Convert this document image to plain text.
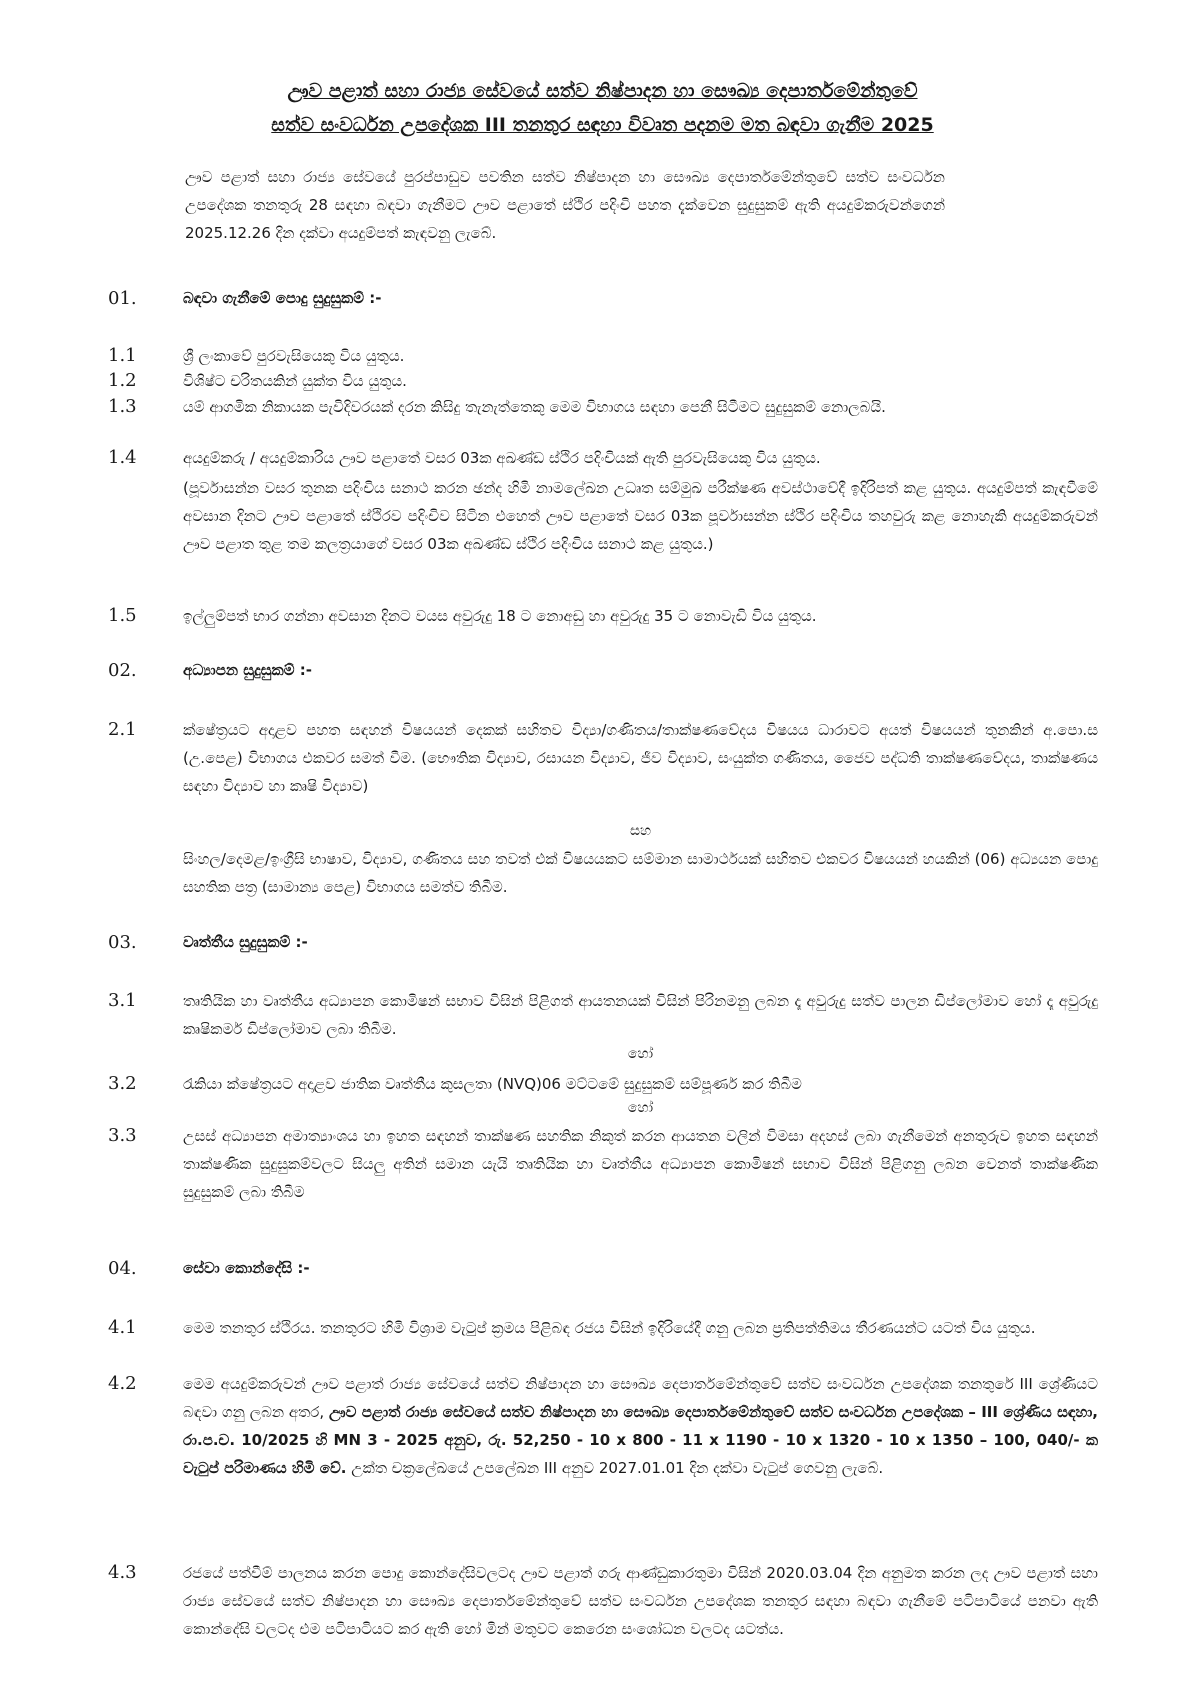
ඌව පළාත් සහා රාජ්‍ය සේවයේ සත්ව නිෂ්පාදන හා සෞඛ්‍ය දෙපාර්තමේන්තුවේ
සත්ව සංවර්ධන උපදේශක III තනතුර සඳහා විවෘත පදනම මත බඳවා ගැනීම 2025
ඌව පළාත් සහා රාජ්‍ය සේවයේ පුරප්පාඩුව පවතින සත්ව නිෂ්පාදන හා සෞඛ්‍ය දෙපාර්තමේන්තුවේ සත්ව සංවර්ධන උපදේශක තනතුරු 28 සඳහා බඳවා ගැනීමට ඌව පළාතේ ස්ථිර පදිංචි පහත දැක්වෙන සුදුසුකම් ඇති අයදුම්කරුවන්ගෙන් 2025.12.26 දින දක්වා අයදුම්පත් කැඳවනු ලැබේ.
01.	බඳවා ගැනීමේ පොදු සුදුසුකම් :-
1.1	ශ්‍රී ලංකාවේ පුරවැසියෙකු විය යුතුය.
1.2	විශිෂ්ට චරිතයකින් යුක්ත විය යුතුය.
1.3	යම් ආගමික නිකායක පැවිදිවරයක් දරන කිසිදු තැනැත්තෙකු මෙම විභාගය සඳහා පෙනී සිටීමට සුදුසුකම් නොලබයි.
1.4	අයදුම්කරු / අයදුම්කාරිය ඌව පළාතේ වසර 03ක අඛණ්ඩ ස්ථිර පදිංචියක් ඇති පුරවැසියෙකු විය යුතුය.
(පූර්වාසන්න වසර තුනක පදිංචිය සනාථ කරන ඡන්ද හිමි නාමලේඛන උධෘත සම්මුඛ පරීක්ෂණ අවස්ථාවේදී ඉදිරිපත් කළ යුතුය. අයදුම්පත් කැඳවීමේ අවසාන දිනට ඌව පළාතේ ස්ථිරව පදිංචිව සිටින එහෙත් ඌව පළාතේ වසර 03ක පූර්වාසන්න ස්ථිර පදිංචිය තහවුරු කළ නොහැකි අයදුම්කරුවන් ඌව පළාත තුළ තම කලත්‍රයාගේ වසර 03ක අඛණ්ඩ ස්ථිර පදිංචිය සනාථ කළ යුතුය.)
1.5	ඉල්ලුම්පත් භාර ගන්නා අවසාන දිනට වයස අවුරුදු 18 ට නොඅඩු හා අවුරුදු 35 ට නොවැඩි විය යුතුය.
02.	අධ්‍යාපන සුදුසුකම් :-
2.1	ක්ෂේත්‍රයට අදාළව පහත සඳහන් විෂයයන් දෙකක් සහිතව විද්‍යා/ගණිතය/තාක්ෂණවේදය විෂයය ධාරාවට අයත් විෂයයන් තුනකින් අ.පො.ස (උ.පෙළ) විභාගය එකවර සමත් වීම. (භෞතික විද්‍යාව, රසායන විද්‍යාව, ජීව විද්‍යාව, සංයුක්ත ගණිතය, ජෛව පද්ධති තාක්ෂණවේදය, තාක්ෂණය සඳහා විද්‍යාව හා කෘෂි විද්‍යාව)
සහ
සිංහල/දෙමළ/ඉංග්‍රීසි භාෂාව, විද්‍යාව, ගණිතය සහ තවත් එක් විෂයයකට සම්මාන සාමාර්ථයක් සහිතව එකවර විෂයයන් හයකින් (06) අධ්‍යයන පොදු සහතික පත්‍ර (සාමාන්‍ය පෙළ) විභාගය සමත්ව තිබීම.
03.	වෘත්තීය සුදුසුකම් :-
3.1	තෘතියික හා වෘත්තීය අධ්‍යාපන කොමිෂන් සභාව විසින් පිළිගත් ආයතනයක් විසින් පිරිනමනු ලබන දෑ අවුරුදු සත්ව පාලන ඩිප්ලෝමාව හෝ දෑ අවුරුදු කෘෂිකර්ම ඩිප්ලෝමාව ලබා තිබීම.
හෝ
3.2	රැකියා ක්ෂේත්‍රයට අදාළව ජාතික වෘත්තීය කුසලතා (NVQ)06 මට්ටමේ සුදුසුකම් සම්පූර්ණ කර තිබීම
හෝ
3.3	උසස් අධ්‍යාපන අමාත්‍යාංශය හා ඉහත සඳහන් තාක්ෂණ සහතික නිකුත් කරන ආයතන වලින් විමසා අදහස් ලබා ගැනීමෙන් අනතුරුව ඉහත සඳහන් තාක්ෂණික සුදුසුකම්වලට සියලු අතින් සමාන යැයි තෘතියික හා වෘත්තීය අධ්‍යාපන කොමිෂන් සභාව විසින් පිළිගනු ලබන වෙනත් තාක්ෂණික සුදුසුකම් ලබා තිබීම
04.	සේවා කොන්දේසි :-
4.1	මෙම තනතුර ස්ථිරය. තනතුරට හිමි විශ්‍රාම වැටුප් ක්‍රමය පිළිබඳ රජය විසින් ඉදිරියේදී ගනු ලබන ප්‍රතිපත්තිමය තීරණයන්ට යටත් විය යුතුය.
4.2	මෙම අයදුම්කරුවන් ඌව පළාත් රාජ්‍ය සේවයේ සත්ව නිෂ්පාදන හා සෞඛ්‍ය දෙපාර්තමේන්තුවේ සත්ව සංවර්ධන උපදේශක තනතුරේ III ශ්‍රේණියට බඳවා ගනු ලබන අතර, ඌව පළාත් රාජ්‍ය සේවයේ සත්ව නිෂ්පාදන හා සෞඛ්‍ය දෙපාර්තමේන්තුවේ සත්ව සංවර්ධන උපදේශක – III ශ්‍රේණිය සඳහා, රා.ප.ච. 10/2025 හි MN 3 - 2025 අනුව, රු. 52,250 - 10 x 800 - 11 x 1190 - 10 x 1320 - 10 x 1350 – 100, 040/- ක වැටුප් පරිමාණය හිමි වේ. උක්ත චක්‍රලේඛයේ උපලේඛන III අනුව 2027.01.01 දින දක්වා වැටුප් ගෙවනු ලැබේ.
4.3	රජයේ පත්වීම් පාලනය කරන පොදු කොන්දේසිවලටද ඌව පළාත් ගරු ආණ්ඩුකාරතුමා විසින් 2020.03.04 දින අනුමත කරන ලද ඌව පළාත් සහා රාජ්‍ය සේවයේ සත්ව නිෂ්පාදන හා සෞඛ්‍ය දෙපාර්තමේන්තුවේ සත්ව සංවර්ධන උපදේශක තනතුර සඳහා බඳවා ගැනීමේ පටිපාටියේ පනවා ඇති කොන්දේසි වලටද එම පටිපාටියට කර ඇති හෝ මින් මතුවට කෙරෙන සංශෝධන වලටද යටත්ය.
